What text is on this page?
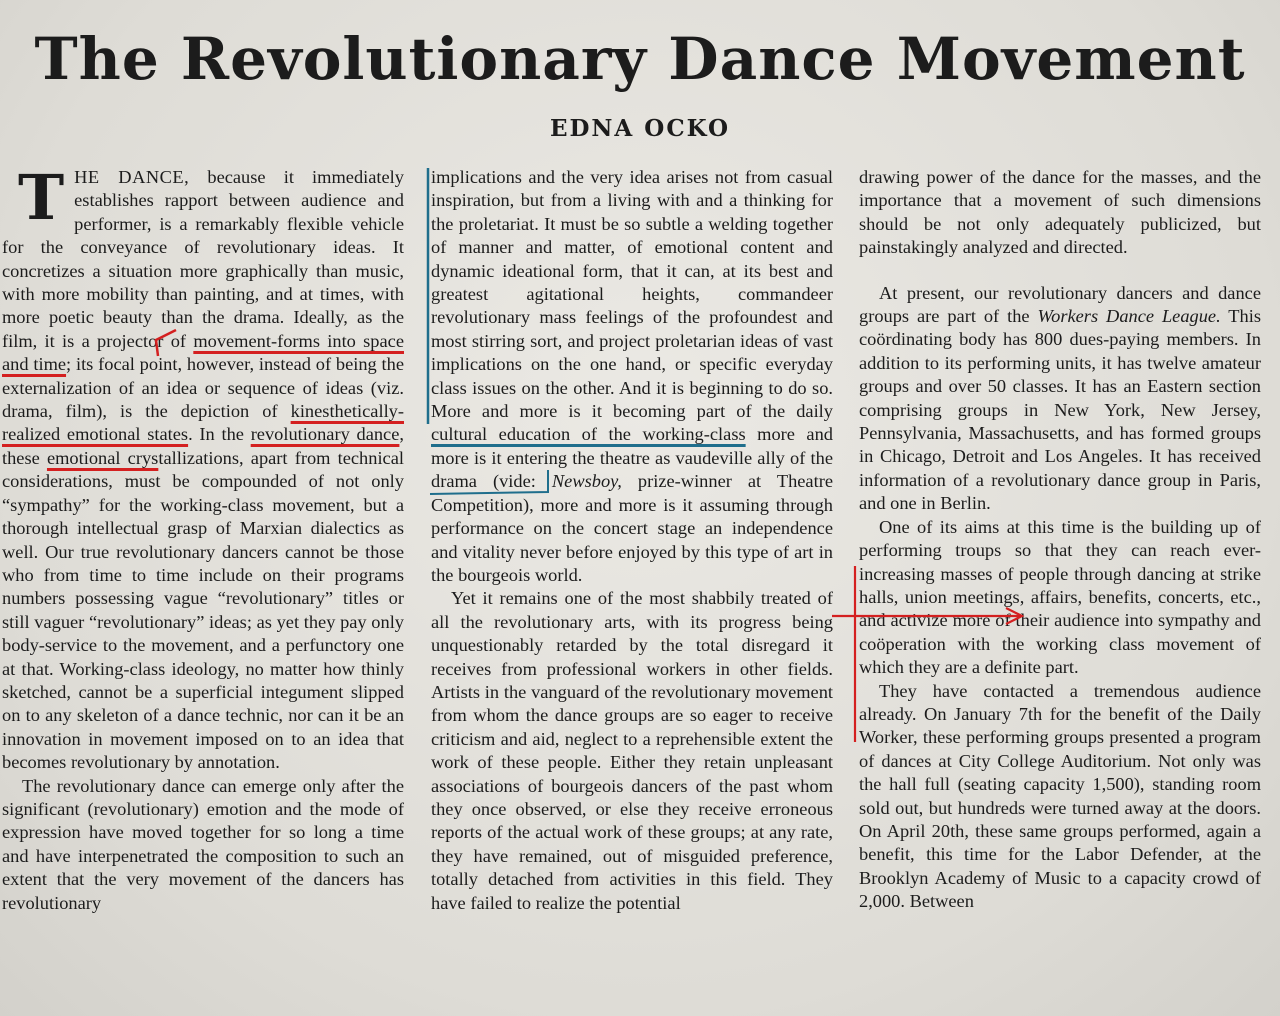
The Revolutionary Dance Movement
EDNA OCKO

THE DANCE, because it immediately establishes rapport between audience and performer, is a remarkably flexible vehicle for the conveyance of revolutionary ideas. It concretizes a situation more graphically than music, with more mobility than painting, and at times, with more poetic beauty than the drama. Ideally, as the film, it is a projector of movement-forms into space and time; its focal point, however, instead of being the externalization of an idea or sequence of ideas (viz. drama, film), is the depiction of kinesthetically-realized emotional states. In the revolutionary dance, these emotional crystallizations, apart from technical considerations, must be compounded of not only “sympathy” for the working-class movement, but a thorough intellectual grasp of Marxian dialectics as well. Our true revolutionary dancers cannot be those who from time to time include on their programs numbers possessing vague “revolutionary” titles or still vaguer “revolutionary” ideas; as yet they pay only body-service to the movement, and a perfunctory one at that. Working-class ideology, no matter how thinly sketched, cannot be a superficial integument slipped on to any skeleton of a dance technic, nor can it be an innovation in movement imposed on to an idea that becomes revolutionary by annotation.

The revolutionary dance can emerge only after the significant (revolutionary) emotion and the mode of expression have moved together for so long a time and have interpenetrated the composition to such an extent that the very movement of the dancers has revolutionary

implications and the very idea arises not from casual inspiration, but from a living with and a thinking for the proletariat. It must be so subtle a welding together of manner and matter, of emotional content and dynamic ideational form, that it can, at its best and greatest agitational heights, commandeer revolutionary mass feelings of the profoundest and most stirring sort, and project proletarian ideas of vast implications on the one hand, or specific everyday class issues on the other. And it is beginning to do so. More and more is it becoming part of the daily cultural education of the working-class more and more is it entering the theatre as vaudeville ally of the drama (vide: Newsboy, prize-winner at Theatre Competition), more and more is it assuming through performance on the concert stage an independence and vitality never before enjoyed by this type of art in the bourgeois world.

Yet it remains one of the most shabbily treated of all the revolutionary arts, with its progress being unquestionably retarded by the total disregard it receives from professional workers in other fields. Artists in the vanguard of the revolutionary movement from whom the dance groups are so eager to receive criticism and aid, neglect to a reprehensible extent the work of these people. Either they retain unpleasant associations of bourgeois dancers of the past whom they once observed, or else they receive erroneous reports of the actual work of these groups; at any rate, they have remained, out of misguided preference, totally detached from activities in this field. They have failed to realize the potential

drawing power of the dance for the masses, and the importance that a movement of such dimensions should be not only adequately publicized, but painstakingly analyzed and directed.

At present, our revolutionary dancers and dance groups are part of the Workers Dance League. This coördinating body has 800 dues-paying members. In addition to its performing units, it has twelve amateur groups and over 50 classes. It has an Eastern section comprising groups in New York, New Jersey, Pennsylvania, Massachusetts, and has formed groups in Chicago, Detroit and Los Angeles. It has received information of a revolutionary dance group in Paris, and one in Berlin.

One of its aims at this time is the building up of performing troups so that they can reach ever-increasing masses of people through dancing at strike halls, union meetings, affairs, benefits, concerts, etc., and activize more of their audience into sympathy and coöperation with the working class movement of which they are a definite part.

They have contacted a tremendous audience already. On January 7th for the benefit of the Daily Worker, these performing groups presented a program of dances at City College Auditorium. Not only was the hall full (seating capacity 1,500), standing room sold out, but hundreds were turned away at the doors. On April 20th, these same groups performed, again a benefit, this time for the Labor Defender, at the Brooklyn Academy of Music to a capacity crowd of 2,000. Between
